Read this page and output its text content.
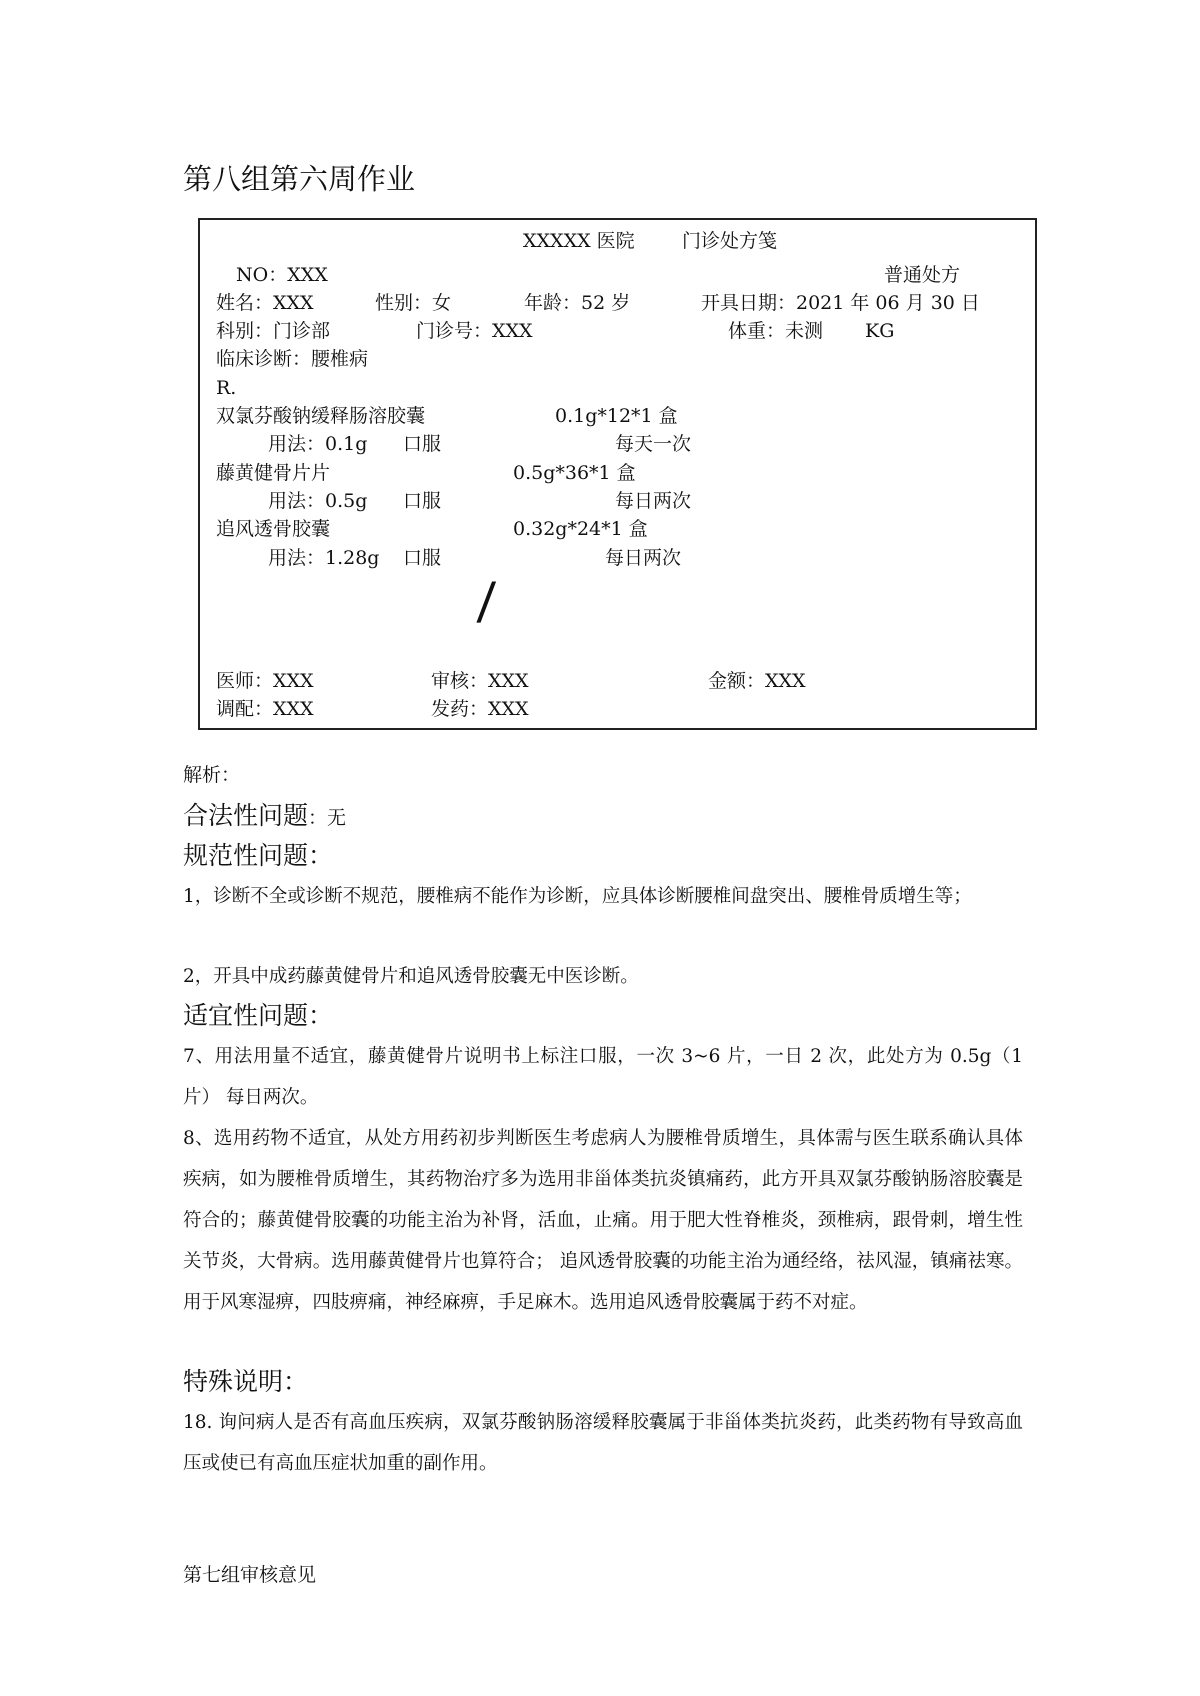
第八组第六周作业
XXXXX 医院 门诊处方笺
NO：XXX	普通处方
姓名：XXX	性别：女	年龄：52 岁	开具日期：2021 年 06 月 30 日
科别：门诊部	门诊号：XXX	体重：未测 KG
临床诊断：腰椎病
R.
双氯芬酸钠缓释肠溶胶囊	0.1g*12*1 盒
用法：0.1g 口服	每天一次
藤黄健骨片片	0.5g*36*1 盒
用法：0.5g 口服	每日两次
追风透骨胶囊	0.32g*24*1 盒
用法：1.28g 口服	每日两次
/
医师：XXX	审核：XXX	金额：XXX
调配：XXX	发药：XXX
解析：
合法性问题：无
规范性问题：
1，诊断不全或诊断不规范，腰椎病不能作为诊断，应具体诊断腰椎间盘突出、腰椎骨质增生等；
2，开具中成药藤黄健骨片和追风透骨胶囊无中医诊断。
适宜性问题：
7、用法用量不适宜，藤黄健骨片说明书上标注口服，一次 3~6 片，一日 2 次，此处方为 0.5g（1 片） 每日两次。
8、选用药物不适宜，从处方用药初步判断医生考虑病人为腰椎骨质增生，具体需与医生联系确认具体疾病，如为腰椎骨质增生，其药物治疗多为选用非甾体类抗炎镇痛药，此方开具双氯芬酸钠肠溶胶囊是符合的；藤黄健骨胶囊的功能主治为补肾，活血，止痛。用于肥大性脊椎炎，颈椎病，跟骨刺，增生性关节炎，大骨病。选用藤黄健骨片也算符合； 追风透骨胶囊的功能主治为通经络，祛风湿，镇痛祛寒。用于风寒湿痹，四肢痹痛，神经麻痹，手足麻木。选用追风透骨胶囊属于药不对症。
特殊说明：
18. 询问病人是否有高血压疾病，双氯芬酸钠肠溶缓释胶囊属于非甾体类抗炎药，此类药物有导致高血压或使已有高血压症状加重的副作用。
第七组审核意见
